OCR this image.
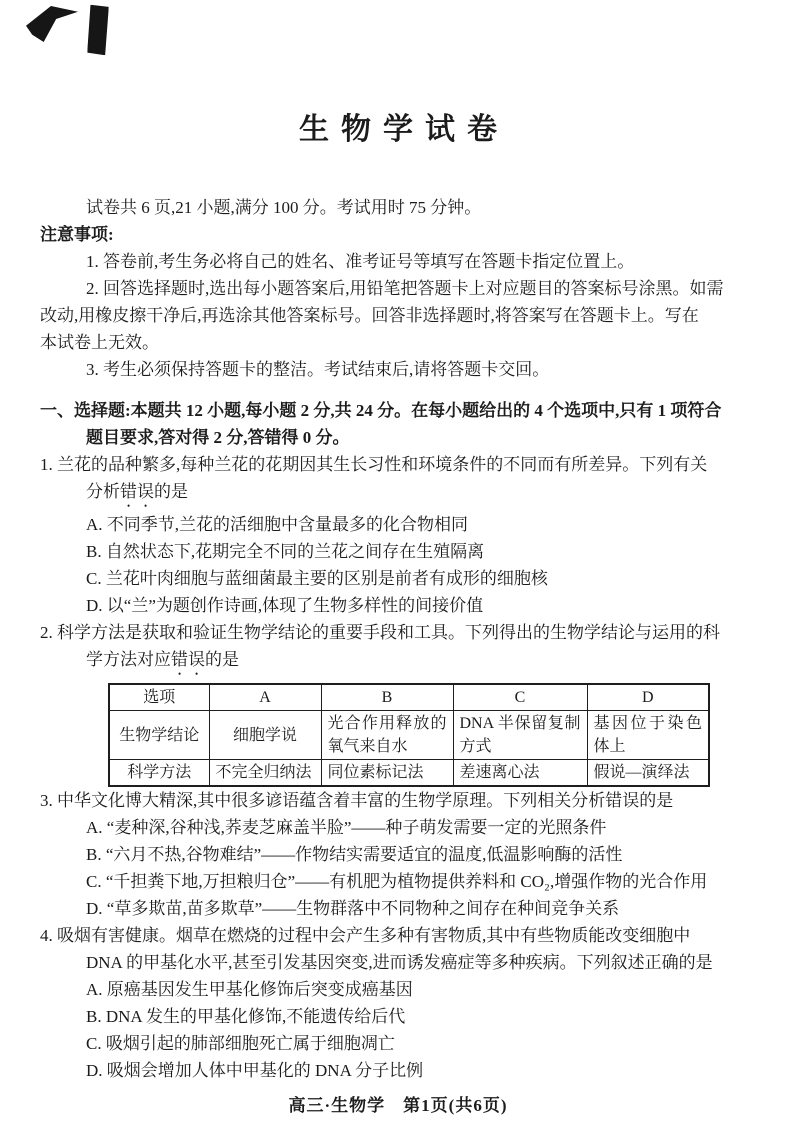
生物学试卷
试卷共 6 页,21 小题,满分 100 分。考试用时 75 分钟。
注意事项:
1. 答卷前,考生务必将自己的姓名、准考证号等填写在答题卡指定位置上。
2. 回答选择题时,选出每小题答案后,用铅笔把答题卡上对应题目的答案标号涂黑。如需
改动,用橡皮擦干净后,再选涂其他答案标号。回答非选择题时,将答案写在答题卡上。写在
本试卷上无效。
3. 考生必须保持答题卡的整洁。考试结束后,请将答题卡交回。
一、选择题:本题共 12 小题,每小题 2 分,共 24 分。在每小题给出的 4 个选项中,只有 1 项符合
题目要求,答对得 2 分,答错得 0 分。
1. 兰花的品种繁多,每种兰花的花期因其生长习性和环境条件的不同而有所差异。下列有关
分析错误的是
A. 不同季节,兰花的活细胞中含量最多的化合物相同
B. 自然状态下,花期完全不同的兰花之间存在生殖隔离
C. 兰花叶肉细胞与蓝细菌最主要的区别是前者有成形的细胞核
D. 以“兰”为题创作诗画,体现了生物多样性的间接价值
2. 科学方法是获取和验证生物学结论的重要手段和工具。下列得出的生物学结论与运用的科
学方法对应错误的是
选项	A	B	C	D
生物学结论	细胞学说	光合作用释放的氧气来自水	DNA 半保留复制方式	基因位于染色体上
科学方法	不完全归纳法	同位素标记法	差速离心法	假说—演绎法
3. 中华文化博大精深,其中很多谚语蕴含着丰富的生物学原理。下列相关分析错误的是
A. “麦种深,谷种浅,荞麦芝麻盖半脸”——种子萌发需要一定的光照条件
B. “六月不热,谷物难结”——作物结实需要适宜的温度,低温影响酶的活性
C. “千担粪下地,万担粮归仓”——有机肥为植物提供养料和 CO₂,增强作物的光合作用
D. “草多欺苗,苗多欺草”——生物群落中不同物种之间存在种间竞争关系
4. 吸烟有害健康。烟草在燃烧的过程中会产生多种有害物质,其中有些物质能改变细胞中
DNA 的甲基化水平,甚至引发基因突变,进而诱发癌症等多种疾病。下列叙述正确的是
A. 原癌基因发生甲基化修饰后突变成癌基因
B. DNA 发生的甲基化修饰,不能遗传给后代
C. 吸烟引起的肺部细胞死亡属于细胞凋亡
D. 吸烟会增加人体中甲基化的 DNA 分子比例
高三·生物学　第1页(共6页)
